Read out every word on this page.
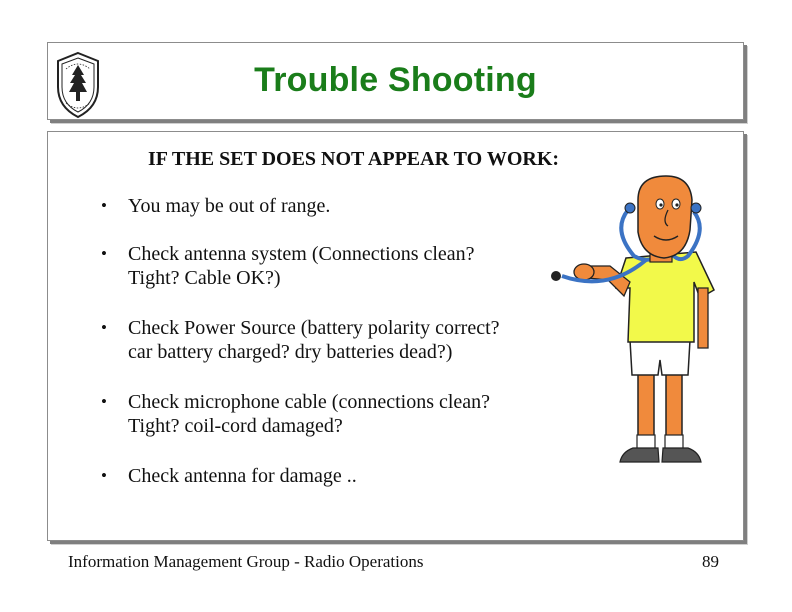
Trouble Shooting
IF THE SET DOES NOT APPEAR TO WORK:
• You may be out of range.
• Check antenna system (Connections clean?
Tight? Cable OK?)
• Check Power Source (battery polarity correct?
car battery charged? dry batteries dead?)
• Check microphone cable (connections clean?
Tight? coil-cord damaged?
• Check antenna for damage ..
Information Management Group - Radio Operations	89
